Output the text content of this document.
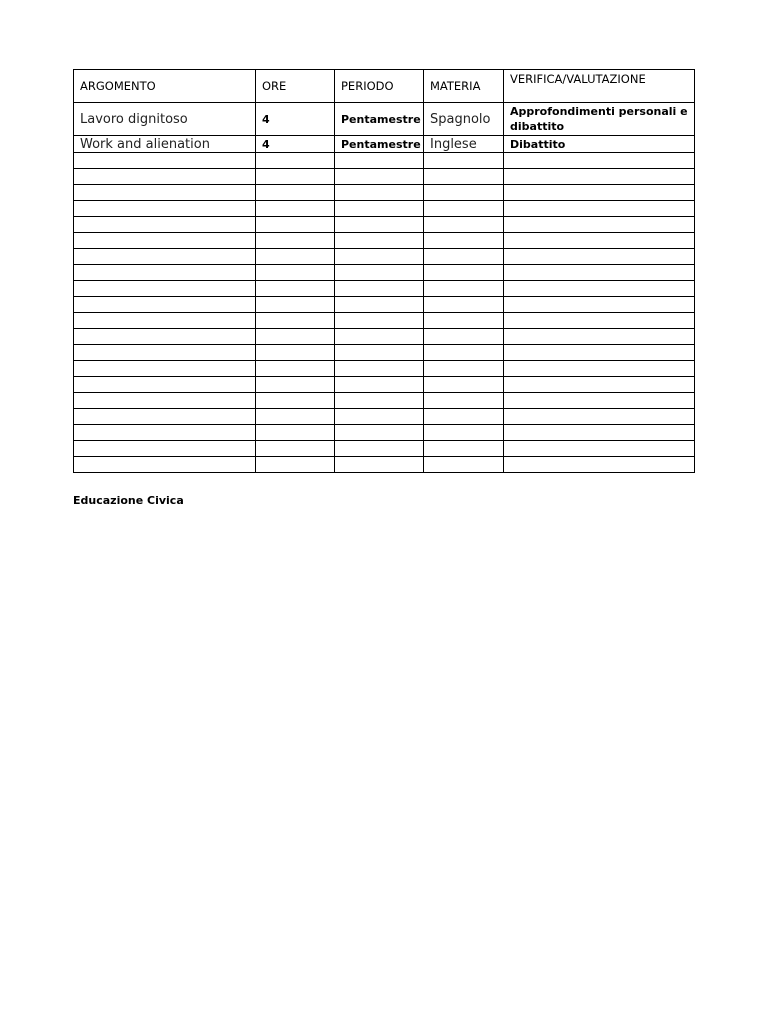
ARGOMENTO	ORE	PERIODO	MATERIA	VERIFICA/VALUTAZIONE
Lavoro dignitoso	4	Pentamestre	Spagnolo	Approfondimenti personali e dibattito
Work and alienation	4	Pentamestre	Inglese	Dibattito

Educazione Civica
